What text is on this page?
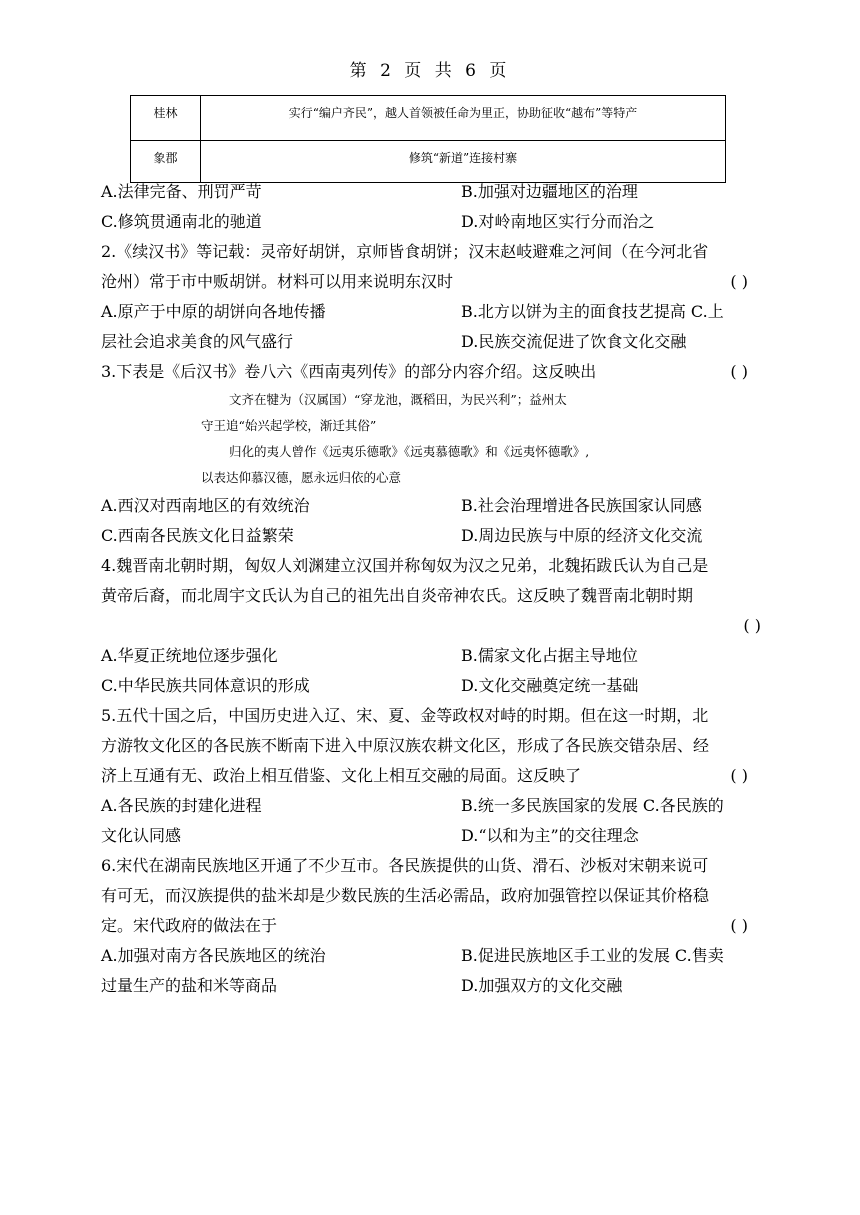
第 2 页 共 6 页
桂林	实行“编户齐民”，越人首领被任命为里正，协助征收“越布”等特产
象郡	修筑“新道”连接村寨
A.法律完备、刑罚严苛	B.加强对边疆地区的治理
C.修筑贯通南北的驰道	D.对岭南地区实行分而治之
2.《续汉书》等记载：灵帝好胡饼，京师皆食胡饼；汉末赵岐避难之河间（在今河北省
沧州）常于市中贩胡饼。材料可以用来说明东汉时	( )
A.原产于中原的胡饼向各地传播	B.北方以饼为主的面食技艺提高 C.上
层社会追求美食的风气盛行	D.民族交流促进了饮食文化交融
3.下表是《后汉书》卷八六《西南夷列传》的部分内容介绍。这反映出	( )
文齐在犍为（汉属国）“穿龙池，溉稻田，为民兴利”；益州太
守王追“始兴起学校，渐迁其俗”
归化的夷人曾作《远夷乐德歌》《远夷慕德歌》和《远夷怀德歌》,
以表达仰慕汉德，愿永远归依的心意
A.西汉对西南地区的有效统治	B.社会治理增进各民族国家认同感
C.西南各民族文化日益繁荣	D.周边民族与中原的经济文化交流
4.魏晋南北朝时期，匈奴人刘渊建立汉国并称匈奴为汉之兄弟，北魏拓跋氏认为自己是
黄帝后裔，而北周宇文氏认为自己的祖先出自炎帝神农氏。这反映了魏晋南北朝时期
( )
A.华夏正统地位逐步强化	B.儒家文化占据主导地位
C.中华民族共同体意识的形成	D.文化交融奠定统一基础
5.五代十国之后，中国历史进入辽、宋、夏、金等政权对峙的时期。但在这一时期，北
方游牧文化区的各民族不断南下进入中原汉族农耕文化区，形成了各民族交错杂居、经
济上互通有无、政治上相互借鉴、文化上相互交融的局面。这反映了	( )
A.各民族的封建化进程	B.统一多民族国家的发展 C.各民族的
文化认同感	D.“以和为主”的交往理念
6.宋代在湖南民族地区开通了不少互市。各民族提供的山货、滑石、沙板对宋朝来说可
有可无，而汉族提供的盐米却是少数民族的生活必需品，政府加强管控以保证其价格稳
定。宋代政府的做法在于	( )
A.加强对南方各民族地区的统治	B.促进民族地区手工业的发展 C.售卖
过量生产的盐和米等商品	D.加强双方的文化交融
